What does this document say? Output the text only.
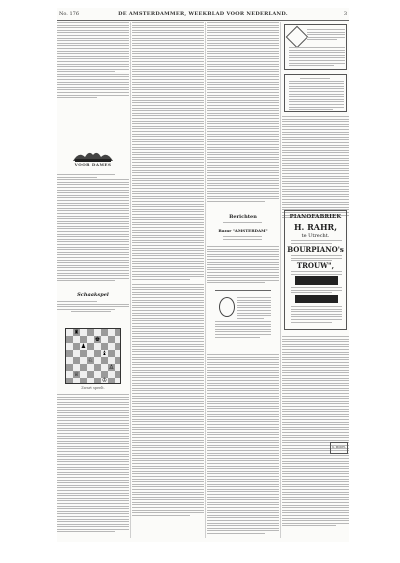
No. 176	DE AMSTERDAMMER, WEEKBLAD VOOR NEDERLAND.	3
VOOR DAMES
Schaakspel
♜
♚
♟
♝
♘
♙
♕
♔
Zwart speelt.
Berichten
Bazar "AMSTERDAM"
PIANOFABRIEK
H. RAHR,
te Utrecht.
BOURPIANO's
TROUW",
K. MODEL
